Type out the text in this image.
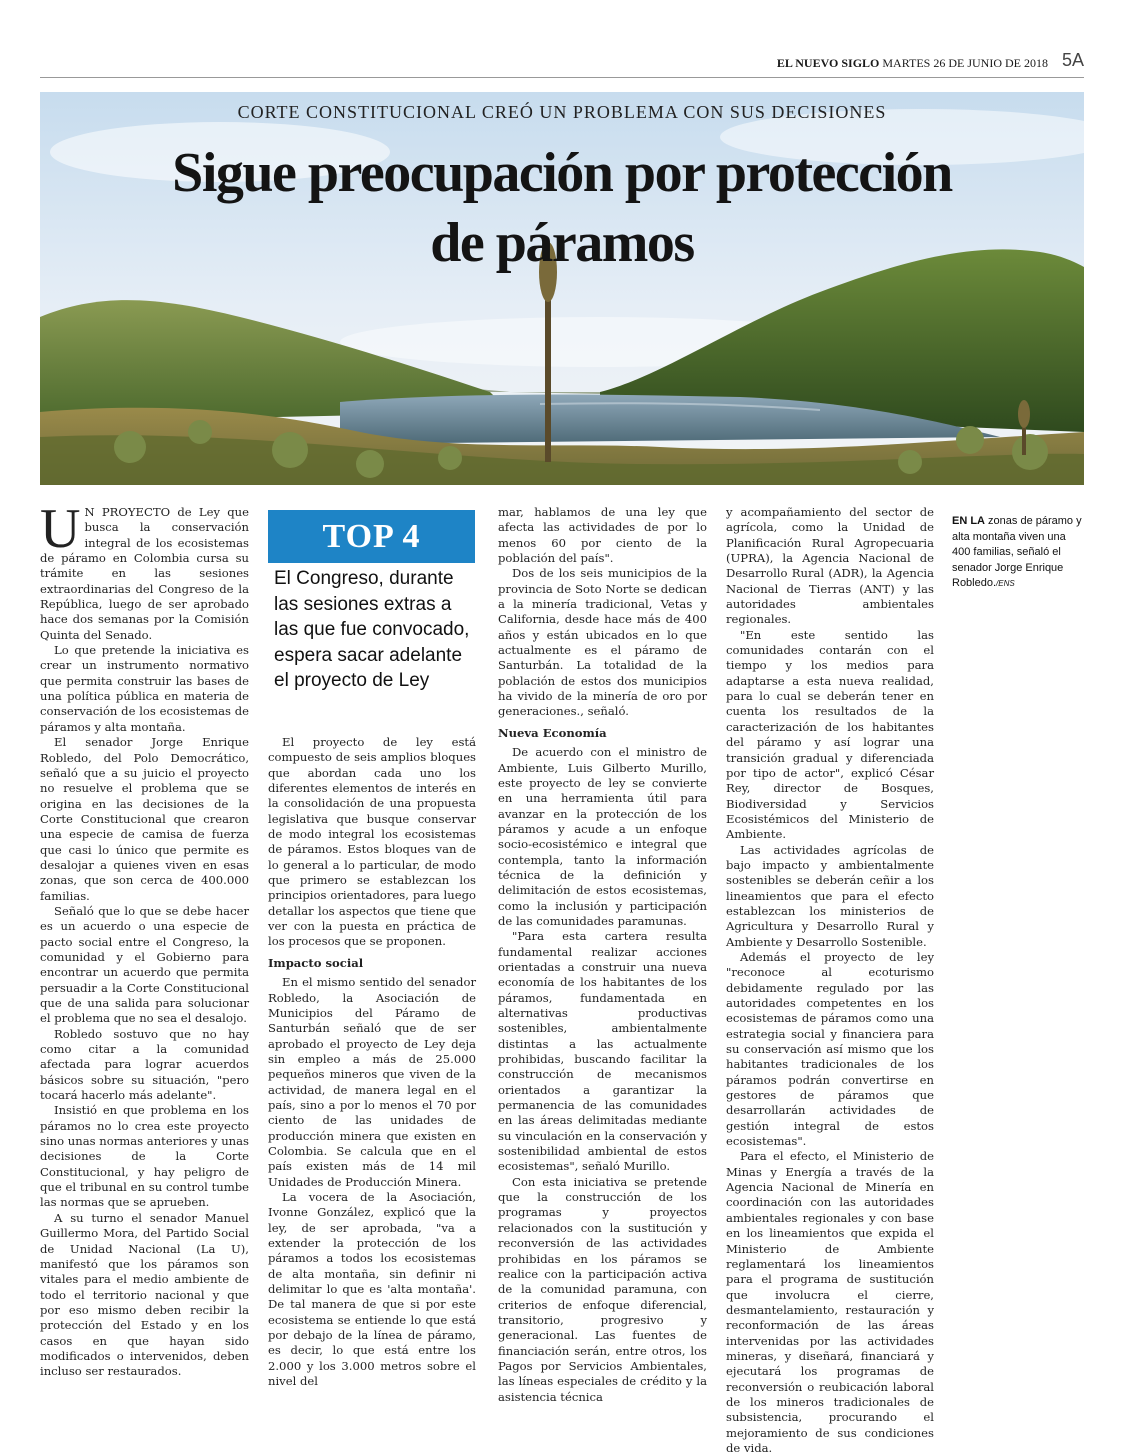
EL NUEVO SIGLO MARTES 26 DE JUNIO DE 2018 5A
CORTE CONSTITUCIONAL CREÓ UN PROBLEMA CON SUS DECISIONES
Sigue preocupación por protección
de páramos

U N PROYECTO de Ley que busca la conservación integral de los ecosistemas de páramo en Colombia cursa su trámite en las sesiones extraordinarias del Congreso de la República, luego de ser aprobado hace dos semanas por la Comisión Quinta del Senado.

Lo que pretende la iniciativa es crear un instrumento normativo que permita construir las bases de una política pública en materia de conservación de los ecosistemas de páramos y alta montaña.

El senador Jorge Enrique Robledo, del Polo Democrático, señaló que a su juicio el proyecto no resuelve el problema que se origina en las decisiones de la Corte Constitucional que crearon una especie de camisa de fuerza que casi lo único que permite es desalojar a quienes viven en esas zonas, que son cerca de 400.000 familias.

Señaló que lo que se debe hacer es un acuerdo o una especie de pacto social entre el Congreso, la comunidad y el Gobierno para encontrar un acuerdo que permita persuadir a la Corte Constitucional que de una salida para solucionar el problema que no sea el desalojo.

Robledo sostuvo que no hay como citar a la comunidad afectada para lograr acuerdos básicos sobre su situación, "pero tocará hacerlo más adelante".

Insistió en que problema en los páramos no lo crea este proyecto sino unas normas anteriores y unas decisiones de la Corte Constitucional, y hay peligro de que el tribunal en su control tumbe las normas que se aprueben.

A su turno el senador Manuel Guillermo Mora, del Partido Social de Unidad Nacional (La U), manifestó que los páramos son vitales para el medio ambiente de todo el territorio nacional y que por eso mismo deben recibir la protección del Estado y en los casos en que hayan sido modificados o intervenidos, deben incluso ser restaurados.

TOP 4
El Congreso, durante las sesiones extras a las que fue convocado, espera sacar adelante el proyecto de Ley

El proyecto de ley está compuesto de seis amplios bloques que abordan cada uno los diferentes elementos de interés en la consolidación de una propuesta legislativa que busque conservar de modo integral los ecosistemas de páramos. Estos bloques van de lo general a lo particular, de modo que primero se establezcan los principios orientadores, para luego detallar los aspectos que tiene que ver con la puesta en práctica de los procesos que se proponen.

Impacto social

En el mismo sentido del senador Robledo, la Asociación de Municipios del Páramo de Santurbán señaló que de ser aprobado el proyecto de Ley deja sin empleo a más de 25.000 pequeños mineros que viven de la actividad, de manera legal en el país, sino a por lo menos el 70 por ciento de las unidades de producción minera que existen en Colombia. Se calcula que en el país existen más de 14 mil Unidades de Producción Minera.

La vocera de la Asociación, Ivonne González, explicó que la ley, de ser aprobada, "va a extender la protección de los páramos a todos los ecosistemas de alta montaña, sin definir ni delimitar lo que es 'alta montaña'. De tal manera de que si por este ecosistema se entiende lo que está por debajo de la línea de páramo, es decir, lo que está entre los 2.000 y los 3.000 metros sobre el nivel del

mar, hablamos de una ley que afecta las actividades de por lo menos 60 por ciento de la población del país".

Dos de los seis municipios de la provincia de Soto Norte se dedican a la minería tradicional, Vetas y California, desde hace más de 400 años y están ubicados en lo que actualmente es el páramo de Santurbán. La totalidad de la población de estos dos municipios ha vivido de la minería de oro por generaciones., señaló.

Nueva Economía

De acuerdo con el ministro de Ambiente, Luis Gilberto Murillo, este proyecto de ley se convierte en una herramienta útil para avanzar en la protección de los páramos y acude a un enfoque socio-ecosistémico e integral que contempla, tanto la información técnica de la definición y delimitación de estos ecosistemas, como la inclusión y participación de las comunidades paramunas.

"Para esta cartera resulta fundamental realizar acciones orientadas a construir una nueva economía de los habitantes de los páramos, fundamentada en alternativas productivas sostenibles, ambientalmente distintas a las actualmente prohibidas, buscando facilitar la construcción de mecanismos orientados a garantizar la permanencia de las comunidades en las áreas delimitadas mediante su vinculación en la conservación y sostenibilidad ambiental de estos ecosistemas", señaló Murillo.

Con esta iniciativa se pretende que la construcción de los programas y proyectos relacionados con la sustitución y reconversión de las actividades prohibidas en los páramos se realice con la participación activa de la comunidad paramuna, con criterios de enfoque diferencial, transitorio, progresivo y generacional. Las fuentes de financiación serán, entre otros, los Pagos por Servicios Ambientales, las líneas especiales de crédito y la asistencia técnica

y acompañamiento del sector de agrícola, como la Unidad de Planificación Rural Agropecuaria (UPRA), la Agencia Nacional de Desarrollo Rural (ADR), la Agencia Nacional de Tierras (ANT) y las autoridades ambientales regionales.

"En este sentido las comunidades contarán con el tiempo y los medios para adaptarse a esta nueva realidad, para lo cual se deberán tener en cuenta los resultados de la caracterización de los habitantes del páramo y así lograr una transición gradual y diferenciada por tipo de actor", explicó César Rey, director de Bosques, Biodiversidad y Servicios Ecosistémicos del Ministerio de Ambiente.

Las actividades agrícolas de bajo impacto y ambientalmente sostenibles se deberán ceñir a los lineamientos que para el efecto establezcan los ministerios de Agricultura y Desarrollo Rural y Ambiente y Desarrollo Sostenible.

Además el proyecto de ley "reconoce al ecoturismo debidamente regulado por las autoridades competentes en los ecosistemas de páramos como una estrategia social y financiera para su conservación así mismo que los habitantes tradicionales de los páramos podrán convertirse en gestores de páramos que desarrollarán actividades de gestión integral de estos ecosistemas".

Para el efecto, el Ministerio de Minas y Energía a través de la Agencia Nacional de Minería en coordinación con las autoridades ambientales regionales y con base en los lineamientos que expida el Ministerio de Ambiente reglamentará los lineamientos para el programa de sustitución que involucra el cierre, desmantelamiento, restauración y reconformación de las áreas intervenidas por las actividades mineras, y diseñará, financiará y ejecutará los programas de reconversión o reubicación laboral de los mineros tradicionales de subsistencia, procurando el mejoramiento de sus condiciones de vida.

EN LA zonas de páramo y alta montaña viven una 400 familias, señaló el senador Jorge Enrique Robledo./ENS
